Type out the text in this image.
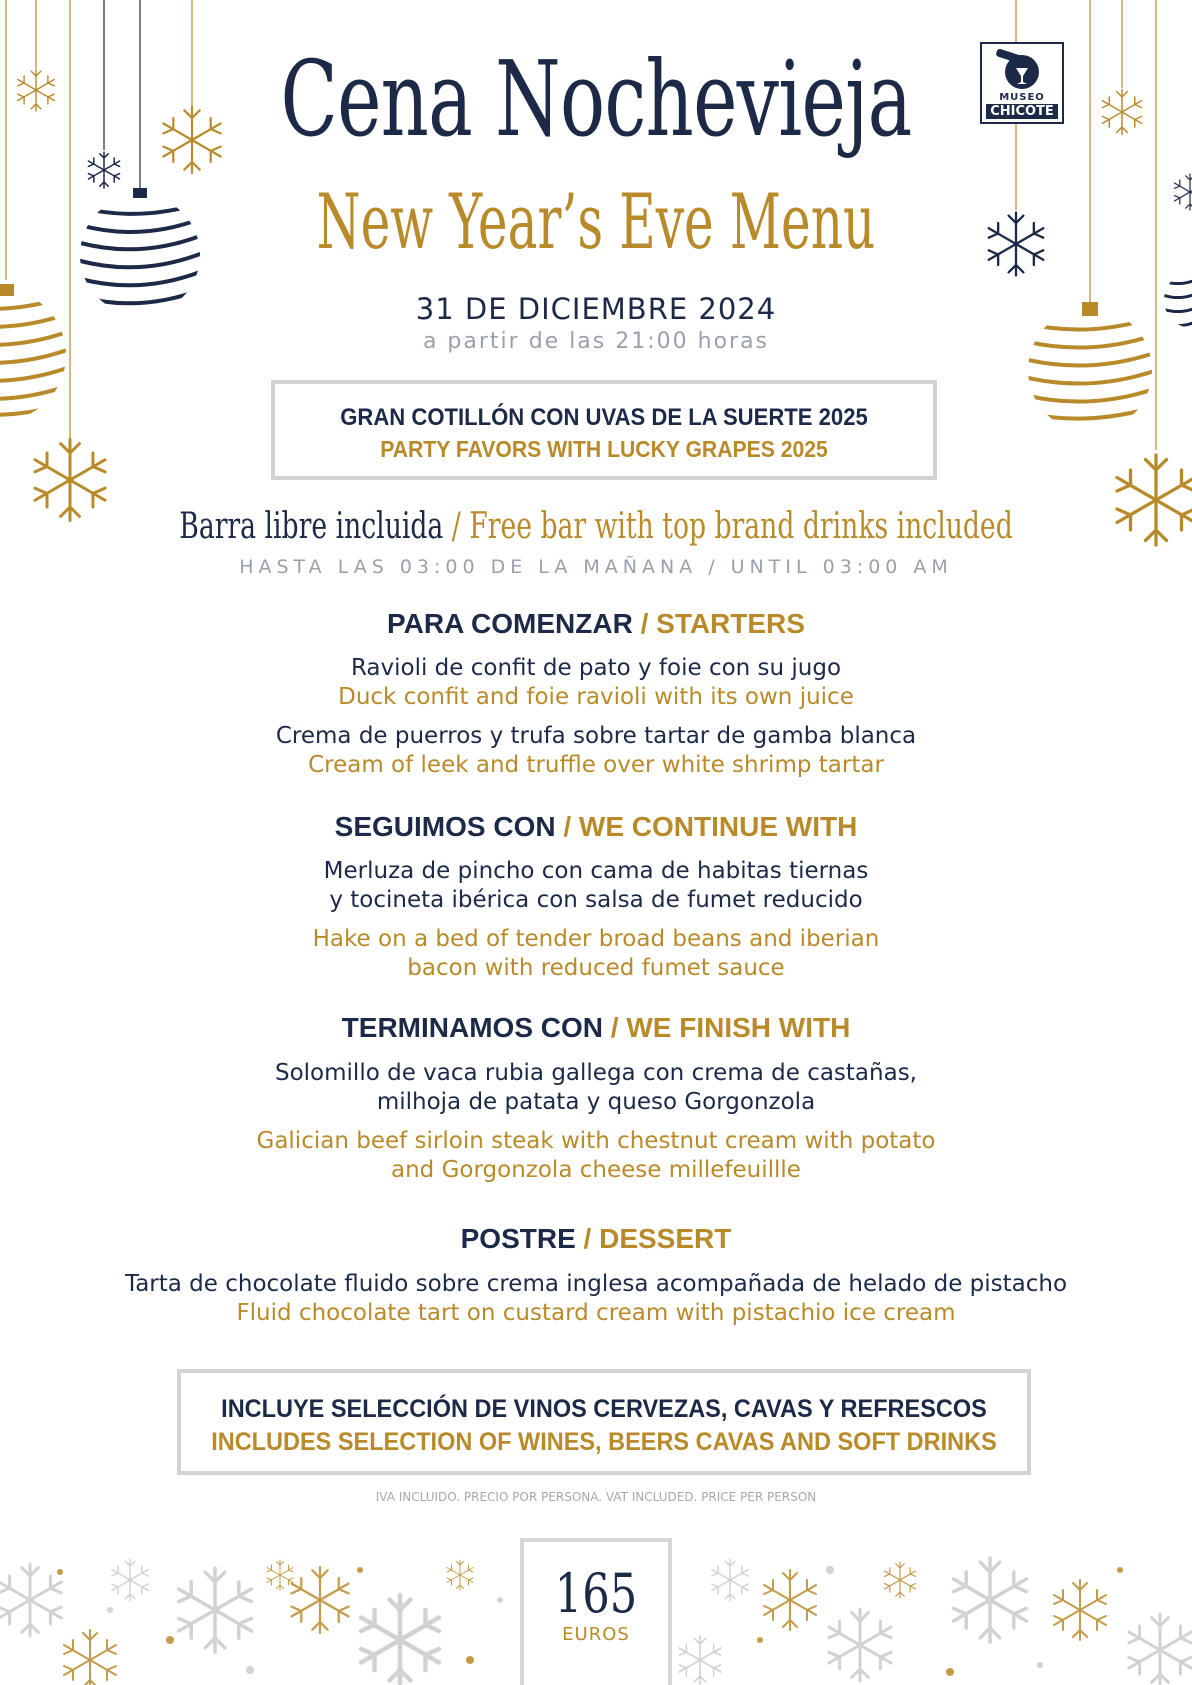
MUSEO
CHICOTE
Cena Nochevieja
New Year’s Eve Menu
31 DE DICIEMBRE 2024
a partir de las 21:00 horas
GRAN COTILLÓN CON UVAS DE LA SUERTE 2025
PARTY FAVORS WITH LUCKY GRAPES 2025
Barra libre incluida / Free bar with top brand drinks included
HASTA LAS 03:00 DE LA MAÑANA / UNTIL 03:00 AM
PARA COMENZAR / STARTERS
Ravioli de confit de pato y foie con su jugo
Duck confit and foie ravioli with its own juice
Crema de puerros y trufa sobre tartar de gamba blanca
Cream of leek and truffle over white shrimp tartar
SEGUIMOS CON / WE CONTINUE WITH
Merluza de pincho con cama de habitas tiernas
y tocineta ibérica con salsa de fumet reducido
Hake on a bed of tender broad beans and iberian
bacon with reduced fumet sauce
TERMINAMOS CON / WE FINISH WITH
Solomillo de vaca rubia gallega con crema de castañas,
milhoja de patata y queso Gorgonzola
Galician beef sirloin steak with chestnut cream with potato
and Gorgonzola cheese millefeuillle
POSTRE / DESSERT
Tarta de chocolate fluido sobre crema inglesa acompañada de helado de pistacho
Fluid chocolate tart on custard cream with pistachio ice cream
INCLUYE SELECCIÓN DE VINOS CERVEZAS, CAVAS Y REFRESCOS
INCLUDES SELECTION OF WINES, BEERS CAVAS AND SOFT DRINKS
IVA INCLUIDO. PRECIO POR PERSONA. VAT INCLUDED. PRICE PER PERSON
165
EUROS
